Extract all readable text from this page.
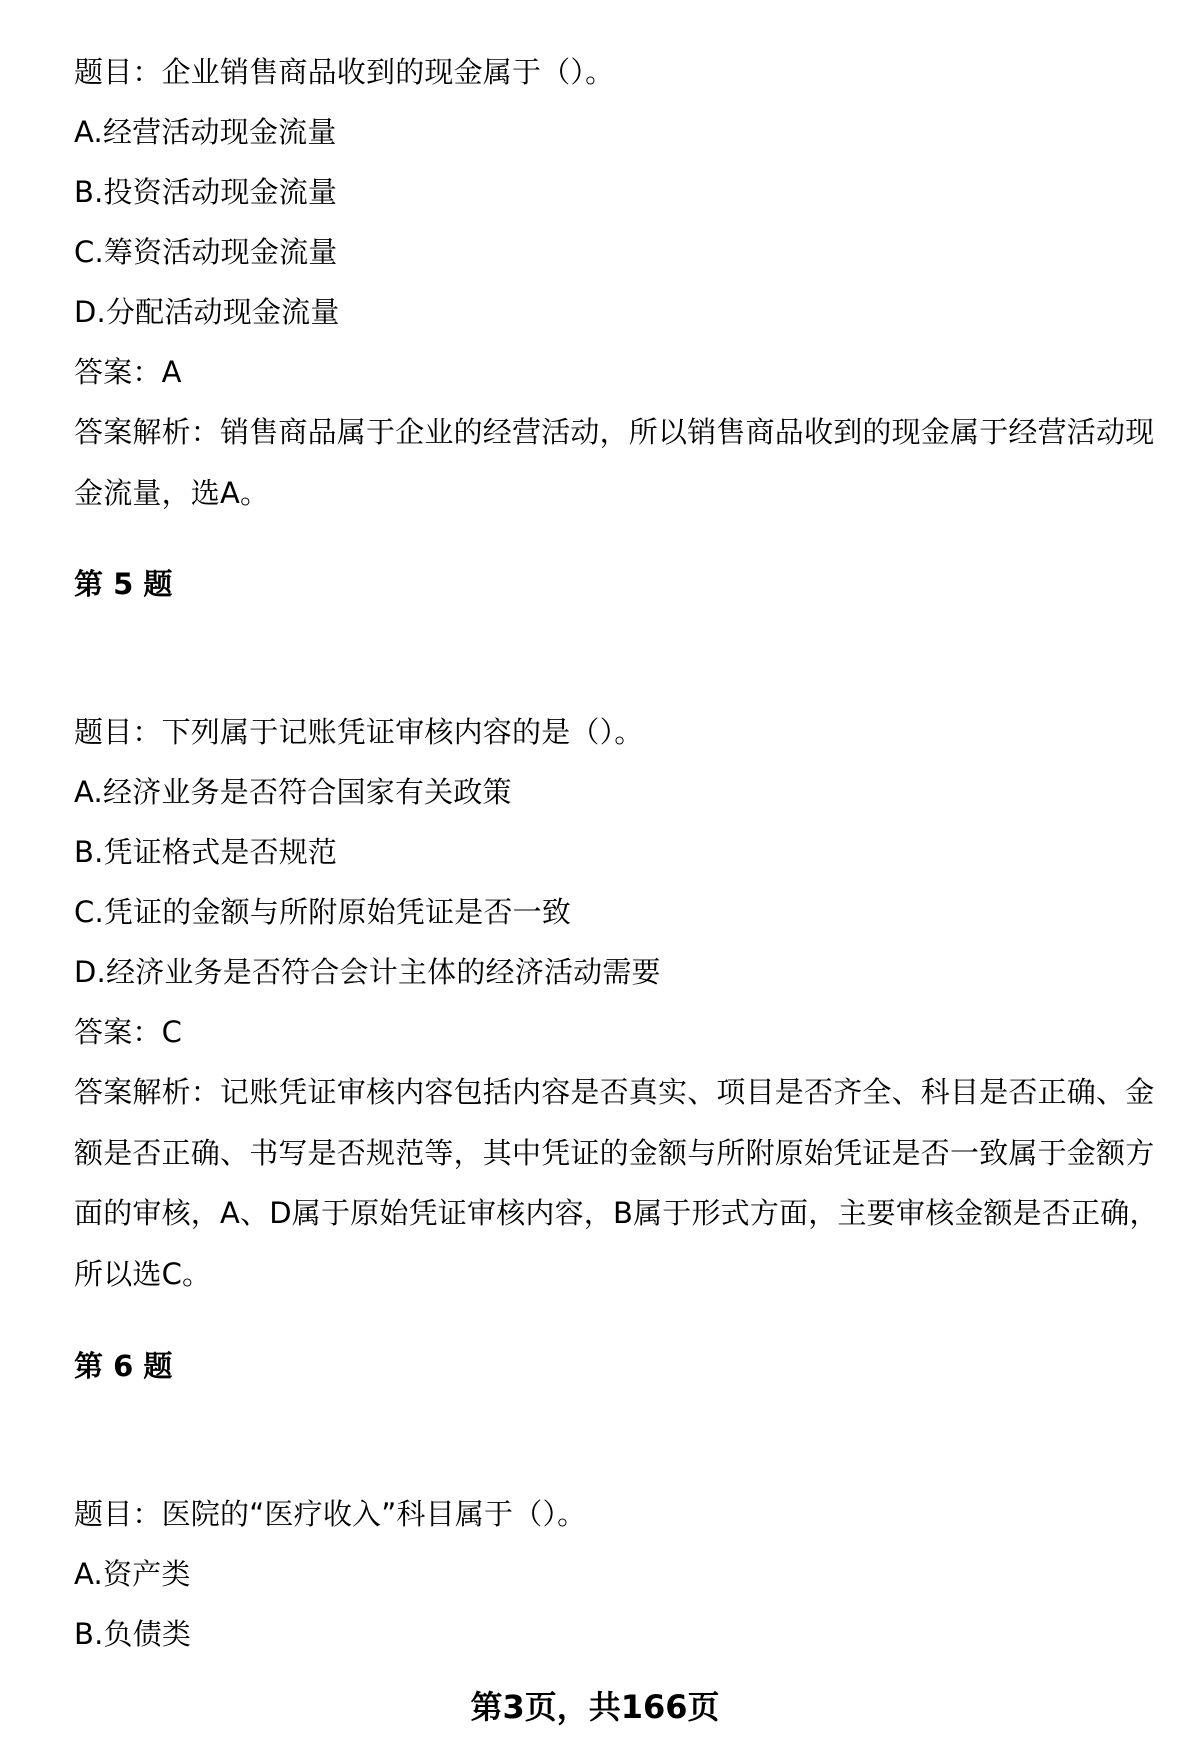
题目：企业销售商品收到的现金属于（）。
A.经营活动现金流量
B.投资活动现金流量
C.筹资活动现金流量
D.分配活动现金流量
答案：A
答案解析：销售商品属于企业的经营活动，所以销售商品收到的现金属于经营活动现金流量，选A。
第 5 题
题目：下列属于记账凭证审核内容的是（）。
A.经济业务是否符合国家有关政策
B.凭证格式是否规范
C.凭证的金额与所附原始凭证是否一致
D.经济业务是否符合会计主体的经济活动需要
答案：C
答案解析：记账凭证审核内容包括内容是否真实、项目是否齐全、科目是否正确、金额是否正确、书写是否规范等，其中凭证的金额与所附原始凭证是否一致属于金额方面的审核，A、D属于原始凭证审核内容，B属于形式方面，主要审核金额是否正确，所以选C。
第 6 题
题目：医院的“医疗收入”科目属于（）。
A.资产类
B.负债类
第3页，共166页
